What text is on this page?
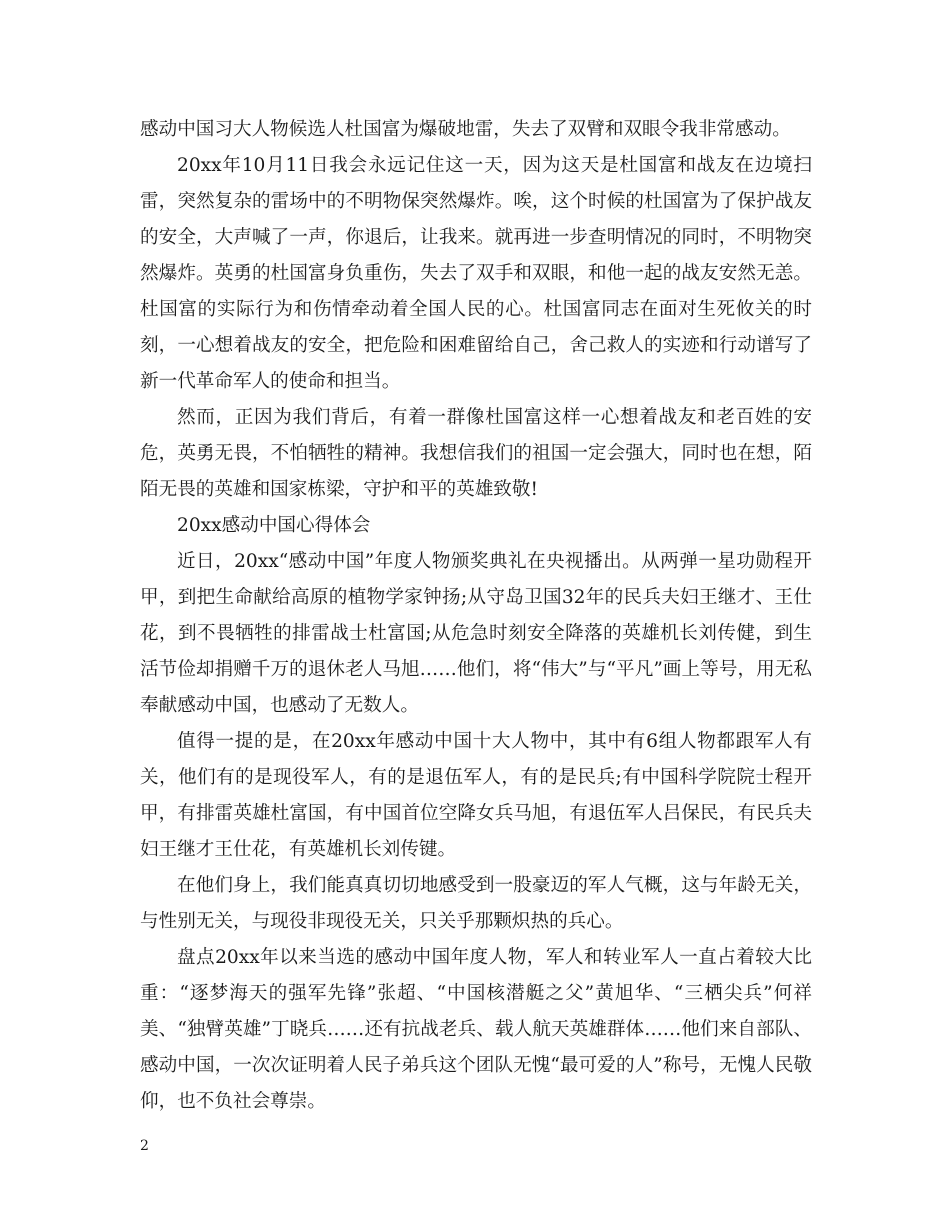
感动中国习大人物候选人杜国富为爆破地雷，失去了双臂和双眼令我非常感动。

20xx年10月11日我会永远记住这一天，因为这天是杜国富和战友在边境扫雷，突然复杂的雷场中的不明物保突然爆炸。唉，这个时候的杜国富为了保护战友的安全，大声喊了一声，你退后，让我来。就再进一步查明情况的同时，不明物突然爆炸。英勇的杜国富身负重伤，失去了双手和双眼，和他一起的战友安然无恙。杜国富的实际行为和伤情牵动着全国人民的心。杜国富同志在面对生死攸关的时刻，一心想着战友的安全，把危险和困难留给自己，舍己救人的实迹和行动谱写了新一代革命军人的使命和担当。

然而，正因为我们背后，有着一群像杜国富这样一心想着战友和老百姓的安危，英勇无畏，不怕牺牲的精神。我想信我们的祖国一定会强大，同时也在想，陌陌无畏的英雄和国家栋梁，守护和平的英雄致敬!

20xx感动中国心得体会

近日，20xx“感动中国”年度人物颁奖典礼在央视播出。从两弹一星功勋程开甲，到把生命献给高原的植物学家钟扬;从守岛卫国32年的民兵夫妇王继才、王仕花，到不畏牺牲的排雷战士杜富国;从危急时刻安全降落的英雄机长刘传健，到生活节俭却捐赠千万的退休老人马旭……他们，将“伟大”与“平凡”画上等号，用无私奉献感动中国，也感动了无数人。

值得一提的是，在20xx年感动中国十大人物中，其中有6组人物都跟军人有关，他们有的是现役军人，有的是退伍军人，有的是民兵;有中国科学院院士程开甲，有排雷英雄杜富国，有中国首位空降女兵马旭，有退伍军人吕保民，有民兵夫妇王继才王仕花，有英雄机长刘传键。

在他们身上，我们能真真切切地感受到一股豪迈的军人气概，这与年龄无关，与性别无关，与现役非现役无关，只关乎那颗炽热的兵心。

盘点20xx年以来当选的感动中国年度人物，军人和转业军人一直占着较大比重：“逐梦海天的强军先锋”张超、“中国核潜艇之父”黄旭华、“三栖尖兵”何祥美、“独臂英雄”丁晓兵……还有抗战老兵、载人航天英雄群体……他们来自部队、感动中国，一次次证明着人民子弟兵这个团队无愧“最可爱的人”称号，无愧人民敬仰，也不负社会尊崇。

2
